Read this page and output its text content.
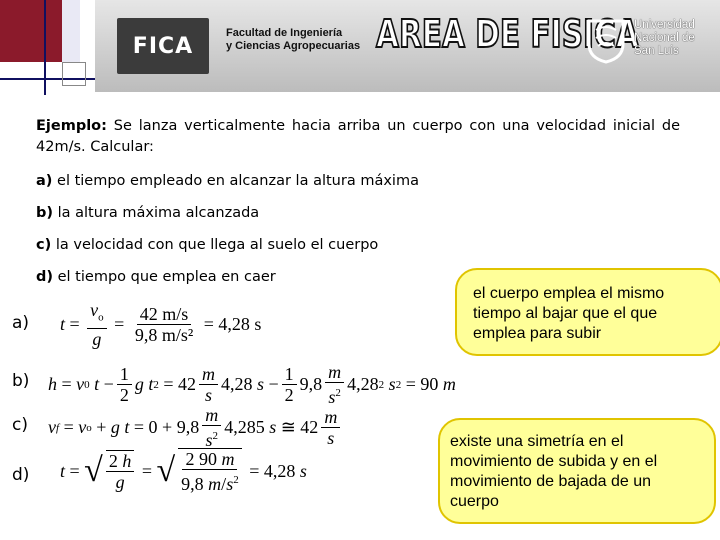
FICA
Facultad de Ingeniería
y Ciencias Agropecuarias AREA DE FISICA
Universidad
Nacional de
San Luis
Ejemplo: Se lanza verticalmente hacia arriba un cuerpo con una velocidad inicial de 42m/s. Calcular:
a) el tiempo empleado en alcanzar la altura máxima
b) la altura máxima alcanzada
c) la velocidad con que llega al suelo el cuerpo
d) el tiempo que emplea en caer
a)
b)
c)
d)
$t = \frac{v_o}{g} = \frac{42 m/s}{\text{9,8 m/s²}} = 4,28$ s
h = v 0
$t - \frac{1}{2}$ g
t $2 = 42 \frac{m}{s} 4,28$ $s - \frac{1}{2} 9,8 \frac{m}{s^2} 4,28$ 2
s 2 = 90 m
v f = v o + g
$t = 0 + 9,8 \frac{m}{s^2} 4,285$ s ≅ $42 \frac{m}{s}$
t = √ $\frac{2 h}{g}$ = √ $\frac{2 90 m}{9,8 m/s^2} = 4,28$ s
el cuerpo emplea el mismo tiempo al bajar que el que emplea para subir
existe una simetría en el movimiento de subida y en el movimiento de bajada de un cuerpo
